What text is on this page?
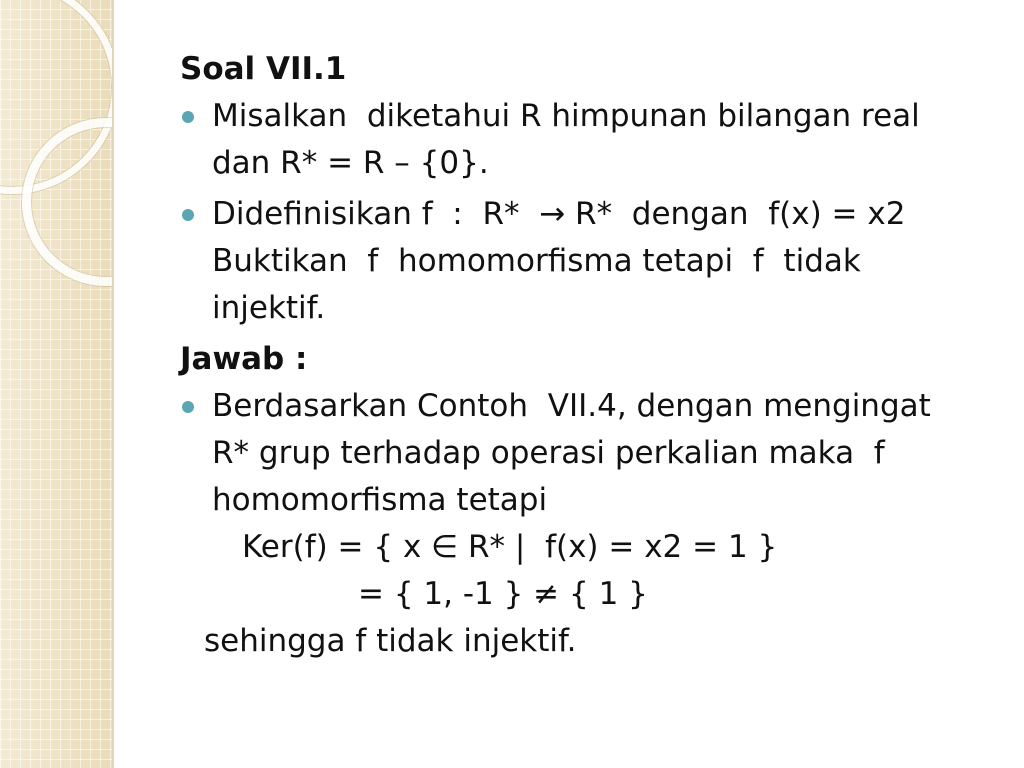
Soal VII.1
Misalkan  diketahui R himpunan bilangan real
dan R* = R – {0}.
Didefinisikan f  :  R*  → R*  dengan  f(x) = x2
Buktikan  f  homomorfisma tetapi  f  tidak
injektif.
Jawab :
Berdasarkan Contoh  VII.4, dengan mengingat
R* grup terhadap operasi perkalian maka  f
homomorfisma tetapi
Ker(f) = { x ∈ R* |  f(x) = x2 = 1 }
= { 1, -1 } ≠ { 1 }
sehingga f tidak injektif.
